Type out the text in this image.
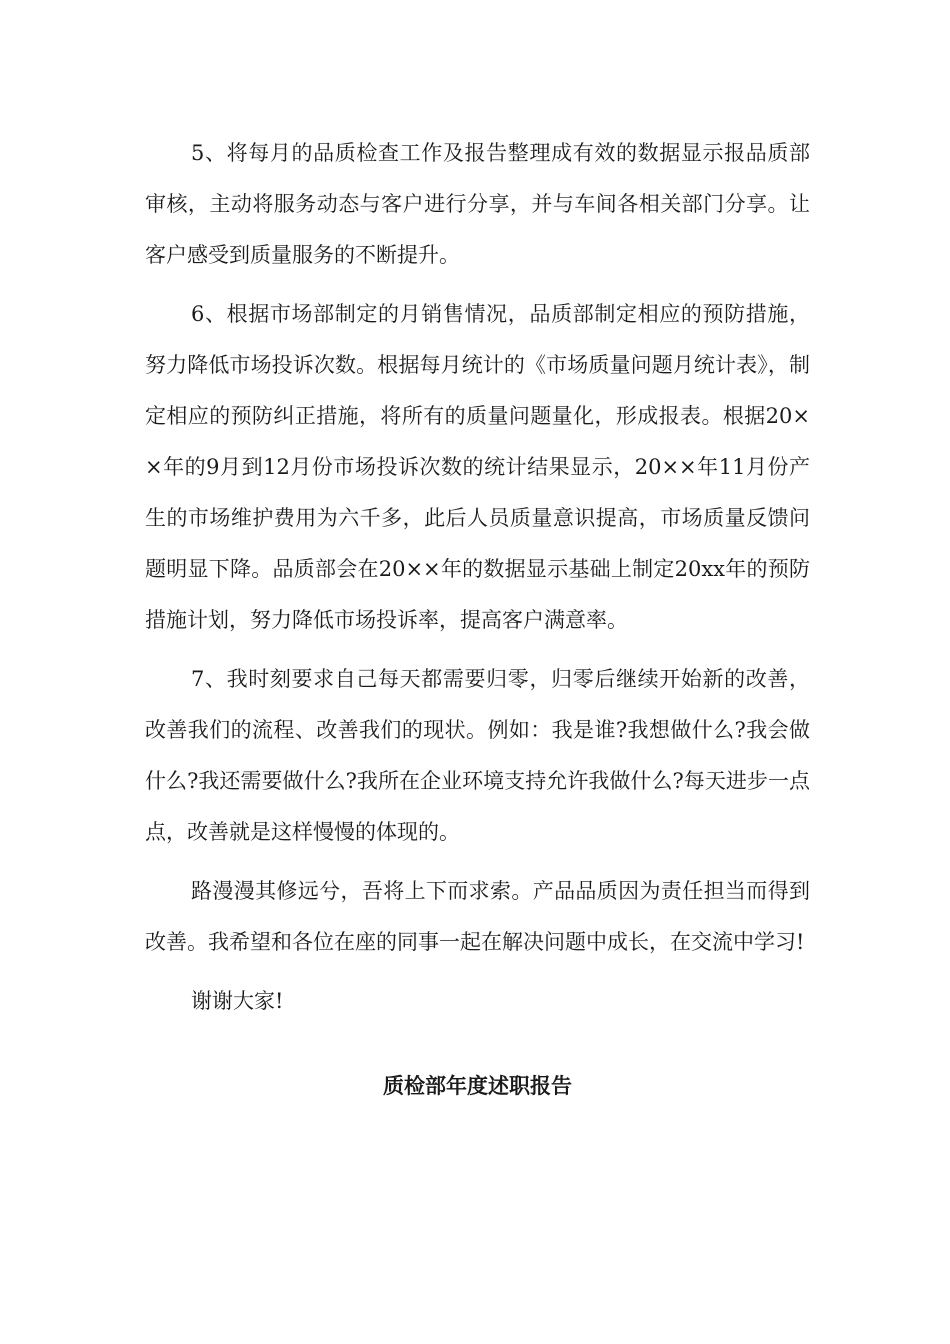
5、将每月的品质检查工作及报告整理成有效的数据显示报品质部审核，主动将服务动态与客户进行分享，并与车间各相关部门分享。让客户感受到质量服务的不断提升。

6、根据市场部制定的月销售情况，品质部制定相应的预防措施，努力降低市场投诉次数。根据每月统计的《市场质量问题月统计表》，制定相应的预防纠正措施，将所有的质量问题量化，形成报表。根据20××年的9月到12月份市场投诉次数的统计结果显示，20××年11月份产生的市场维护费用为六千多，此后人员质量意识提高，市场质量反馈问题明显下降。品质部会在20××年的数据显示基础上制定20xx年的预防措施计划，努力降低市场投诉率，提高客户满意率。

7、我时刻要求自己每天都需要归零，归零后继续开始新的改善，改善我们的流程、改善我们的现状。例如：我是谁?我想做什么?我会做什么?我还需要做什么?我所在企业环境支持允许我做什么?每天进步一点点，改善就是这样慢慢的体现的。

路漫漫其修远兮，吾将上下而求索。产品品质因为责任担当而得到改善。我希望和各位在座的同事一起在解决问题中成长，在交流中学习!

谢谢大家!

质检部年度述职报告
